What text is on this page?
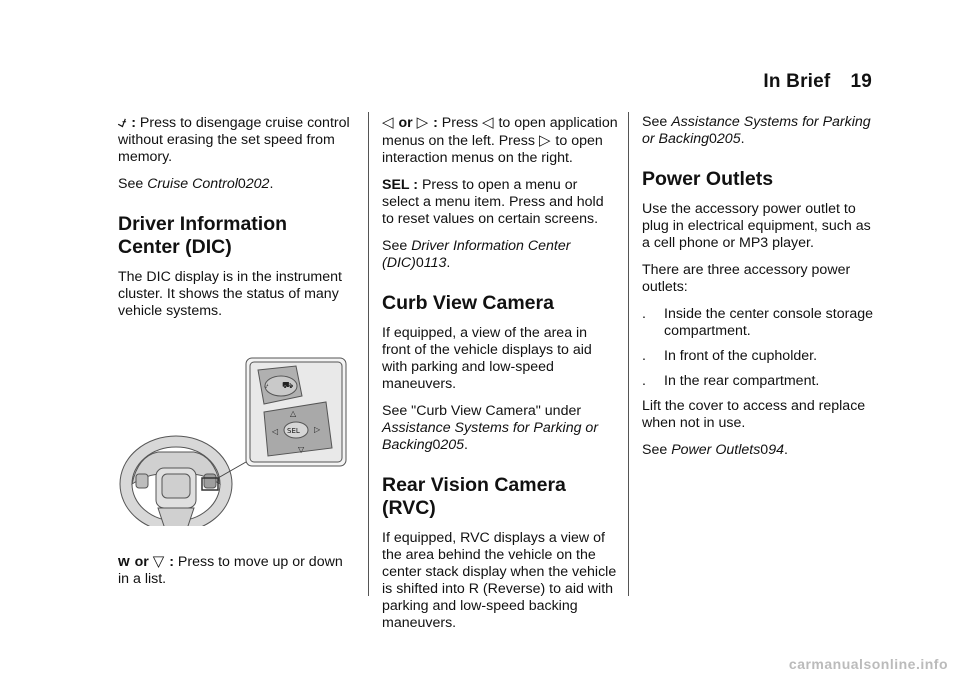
In Brief 19

⍻ : Press to disengage cruise control without erasing the set speed from memory.

See Cruise Control0202.

Driver Information Center (DIC)

The DIC display is in the instrument cluster. It shows the status of many vehicle systems.

⍻ ⛟
△
◁	▷
▽
SEL

w or ▽ : Press to move up or down in a list.

◁ or ▷ : Press ◁ to open application menus on the left. Press ▷ to open interaction menus on the right.

SEL : Press to open a menu or select a menu item. Press and hold to reset values on certain screens.

See Driver Information Center (DIC)0113.

Curb View Camera

If equipped, a view of the area in front of the vehicle displays to aid with parking and low-speed maneuvers.

See "Curb View Camera" under Assistance Systems for Parking or Backing0205.

Rear Vision Camera (RVC)

If equipped, RVC displays a view of the area behind the vehicle on the center stack display when the vehicle is shifted into R (Reverse) to aid with parking and low-speed backing maneuvers.

See Assistance Systems for Parking or Backing0205.

Power Outlets

Use the accessory power outlet to plug in electrical equipment, such as a cell phone or MP3 player.

There are three accessory power outlets:

.	Inside the center console storage compartment.
.	In front of the cupholder.
.	In the rear compartment.

Lift the cover to access and replace when not in use.

See Power Outlets094.

carmanualsonline.info
